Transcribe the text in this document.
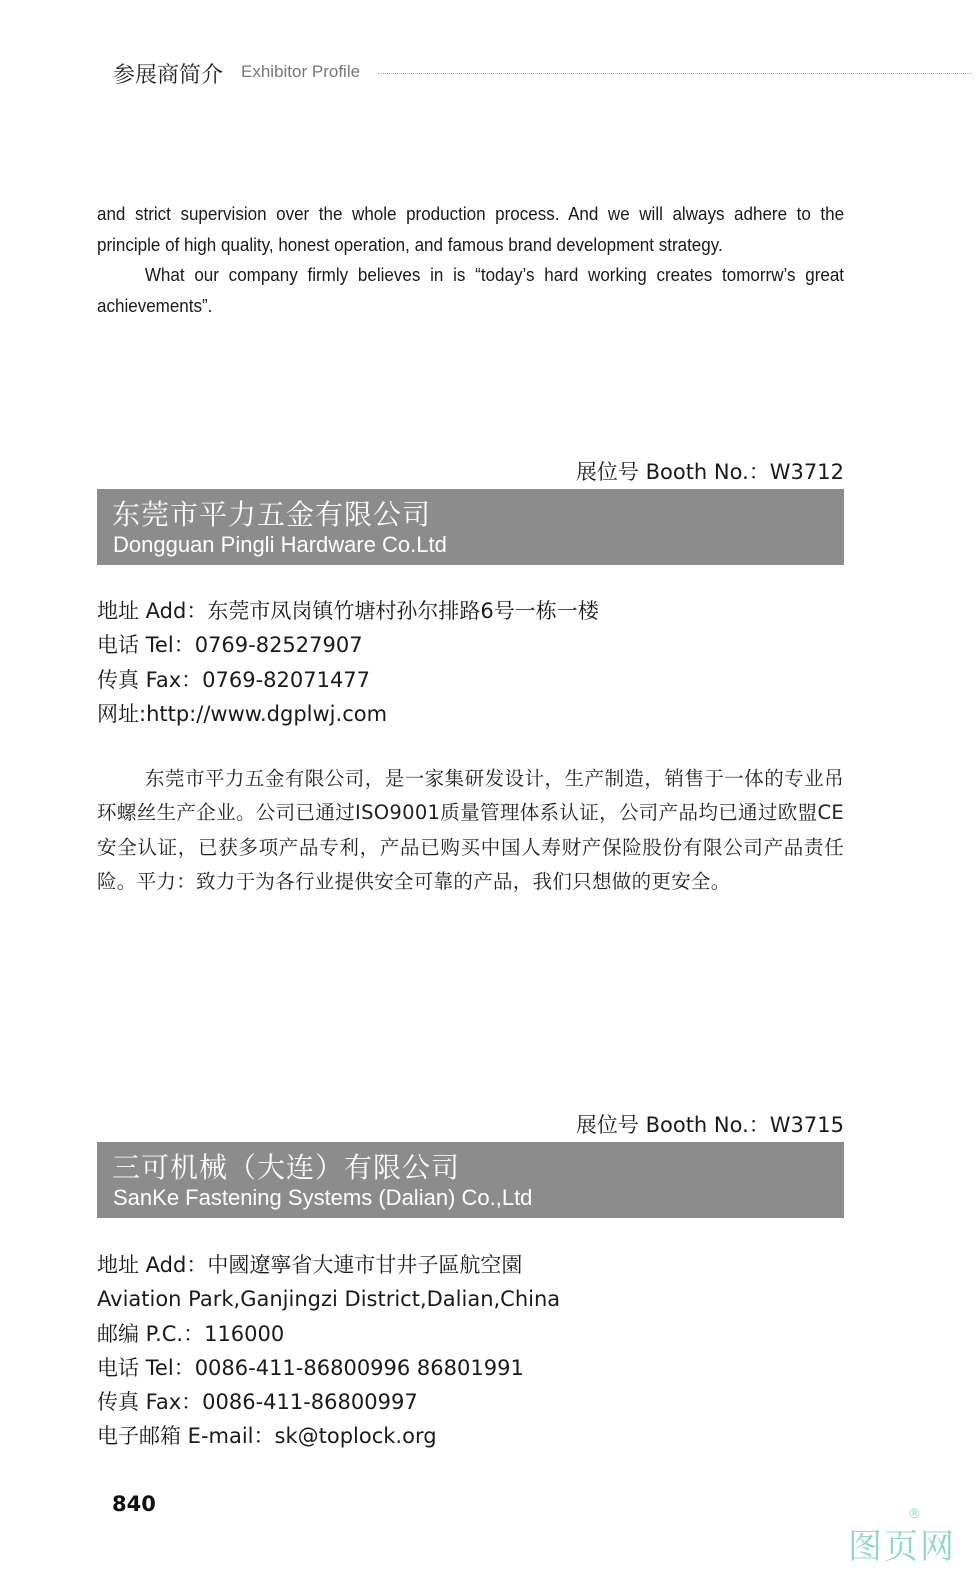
参展商简介 Exhibitor Profile

and strict supervision over the whole production process. And we will always adhere to the principle of high quality, honest operation, and famous brand development strategy.

What our company firmly believes in is “today’s hard working creates tomorrw’s great achievements”.

展位号 Booth No.：W3712
东莞市平力五金有限公司
Dongguan Pingli Hardware Co.Ltd
地址 Add：东莞市凤岗镇竹塘村孙尔排路6号一栋一楼
电话 Tel：0769-82527907
传真 Fax：0769-82071477
网址:http://www.dgplwj.com

东莞市平力五金有限公司，是一家集研发设计，生产制造，销售于一体的专业吊环螺丝生产企业。公司已通过ISO9001质量管理体系认证，公司产品均已通过欧盟CE安全认证，已获多项产品专利，产品已购买中国人寿财产保险股份有限公司产品责任险。平力：致力于为各行业提供安全可靠的产品，我们只想做的更安全。

展位号 Booth No.：W3715
三可机械（大连）有限公司
SanKe Fastening Systems (Dalian) Co.,Ltd
地址 Add：中國遼寧省大連市甘井子區航空園
Aviation Park,Ganjingzi District,Dalian,China
邮编 P.C.：116000
电话 Tel：0086-411-86800996 86801991
传真 Fax：0086-411-86800997
电子邮箱 E-mail：sk@toplock.org
840
图页网
®
